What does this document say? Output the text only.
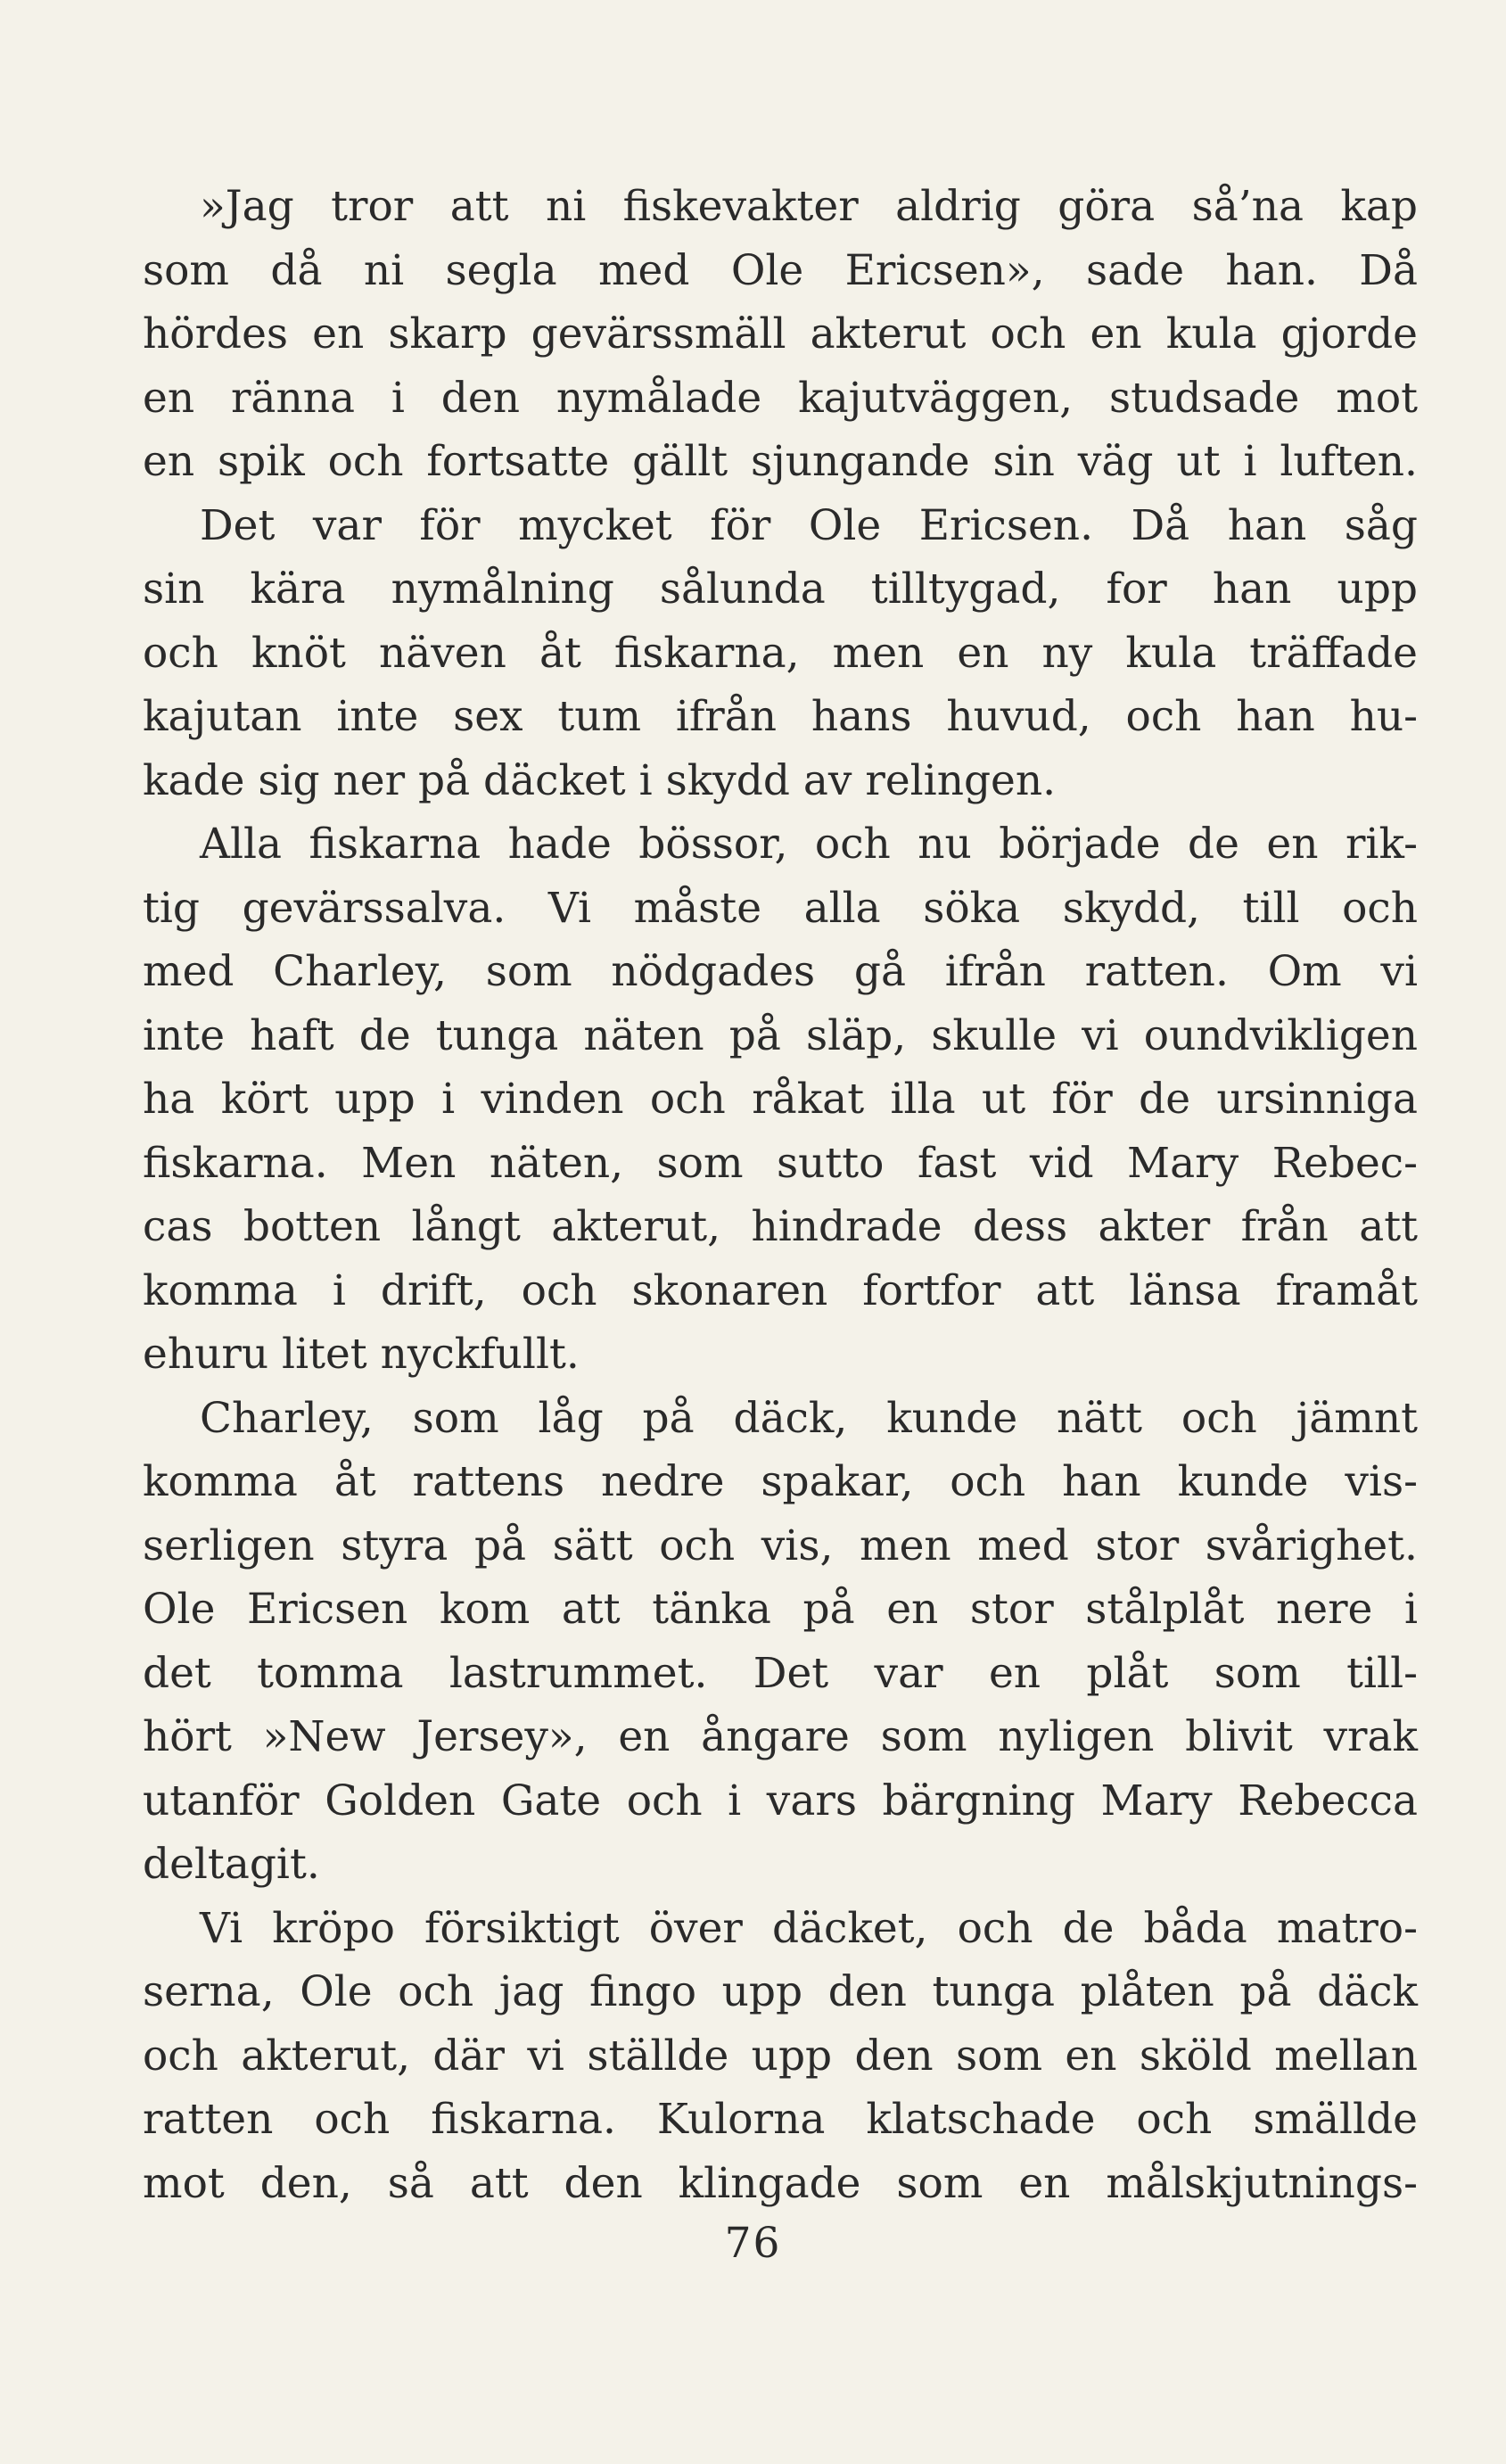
»Jag tror att ni fiskevakter aldrig göra så’na kap
som då ni segla med Ole Ericsen», sade han. Då
hördes en skarp gevärssmäll akterut och en kula gjorde
en ränna i den nymålade kajutväggen, studsade mot
en spik och fortsatte gällt sjungande sin väg ut i luften.
Det var för mycket för Ole Ericsen. Då han såg
sin kära nymålning sålunda tilltygad, for han upp
och knöt näven åt fiskarna, men en ny kula träffade
kajutan inte sex tum ifrån hans huvud, och han hu-
kade sig ner på däcket i skydd av relingen.
Alla fiskarna hade bössor, och nu började de en rik-
tig gevärssalva. Vi måste alla söka skydd, till och
med Charley, som nödgades gå ifrån ratten. Om vi
inte haft de tunga näten på släp, skulle vi oundvikligen
ha kört upp i vinden och råkat illa ut för de ursinniga
fiskarna. Men näten, som sutto fast vid Mary Rebec-
cas botten långt akterut, hindrade dess akter från att
komma i drift, och skonaren fortfor att länsa framåt
ehuru litet nyckfullt.
Charley, som låg på däck, kunde nätt och jämnt
komma åt rattens nedre spakar, och han kunde vis-
serligen styra på sätt och vis, men med stor svårighet.
Ole Ericsen kom att tänka på en stor stålplåt nere i
det tomma lastrummet. Det var en plåt som till-
hört »New Jersey», en ångare som nyligen blivit vrak
utanför Golden Gate och i vars bärgning Mary Rebecca
deltagit.
Vi kröpo försiktigt över däcket, och de båda matro-
serna, Ole och jag fingo upp den tunga plåten på däck
och akterut, där vi ställde upp den som en sköld mellan
ratten och fiskarna. Kulorna klatschade och smällde
mot den, så att den klingade som en målskjutnings-
76
